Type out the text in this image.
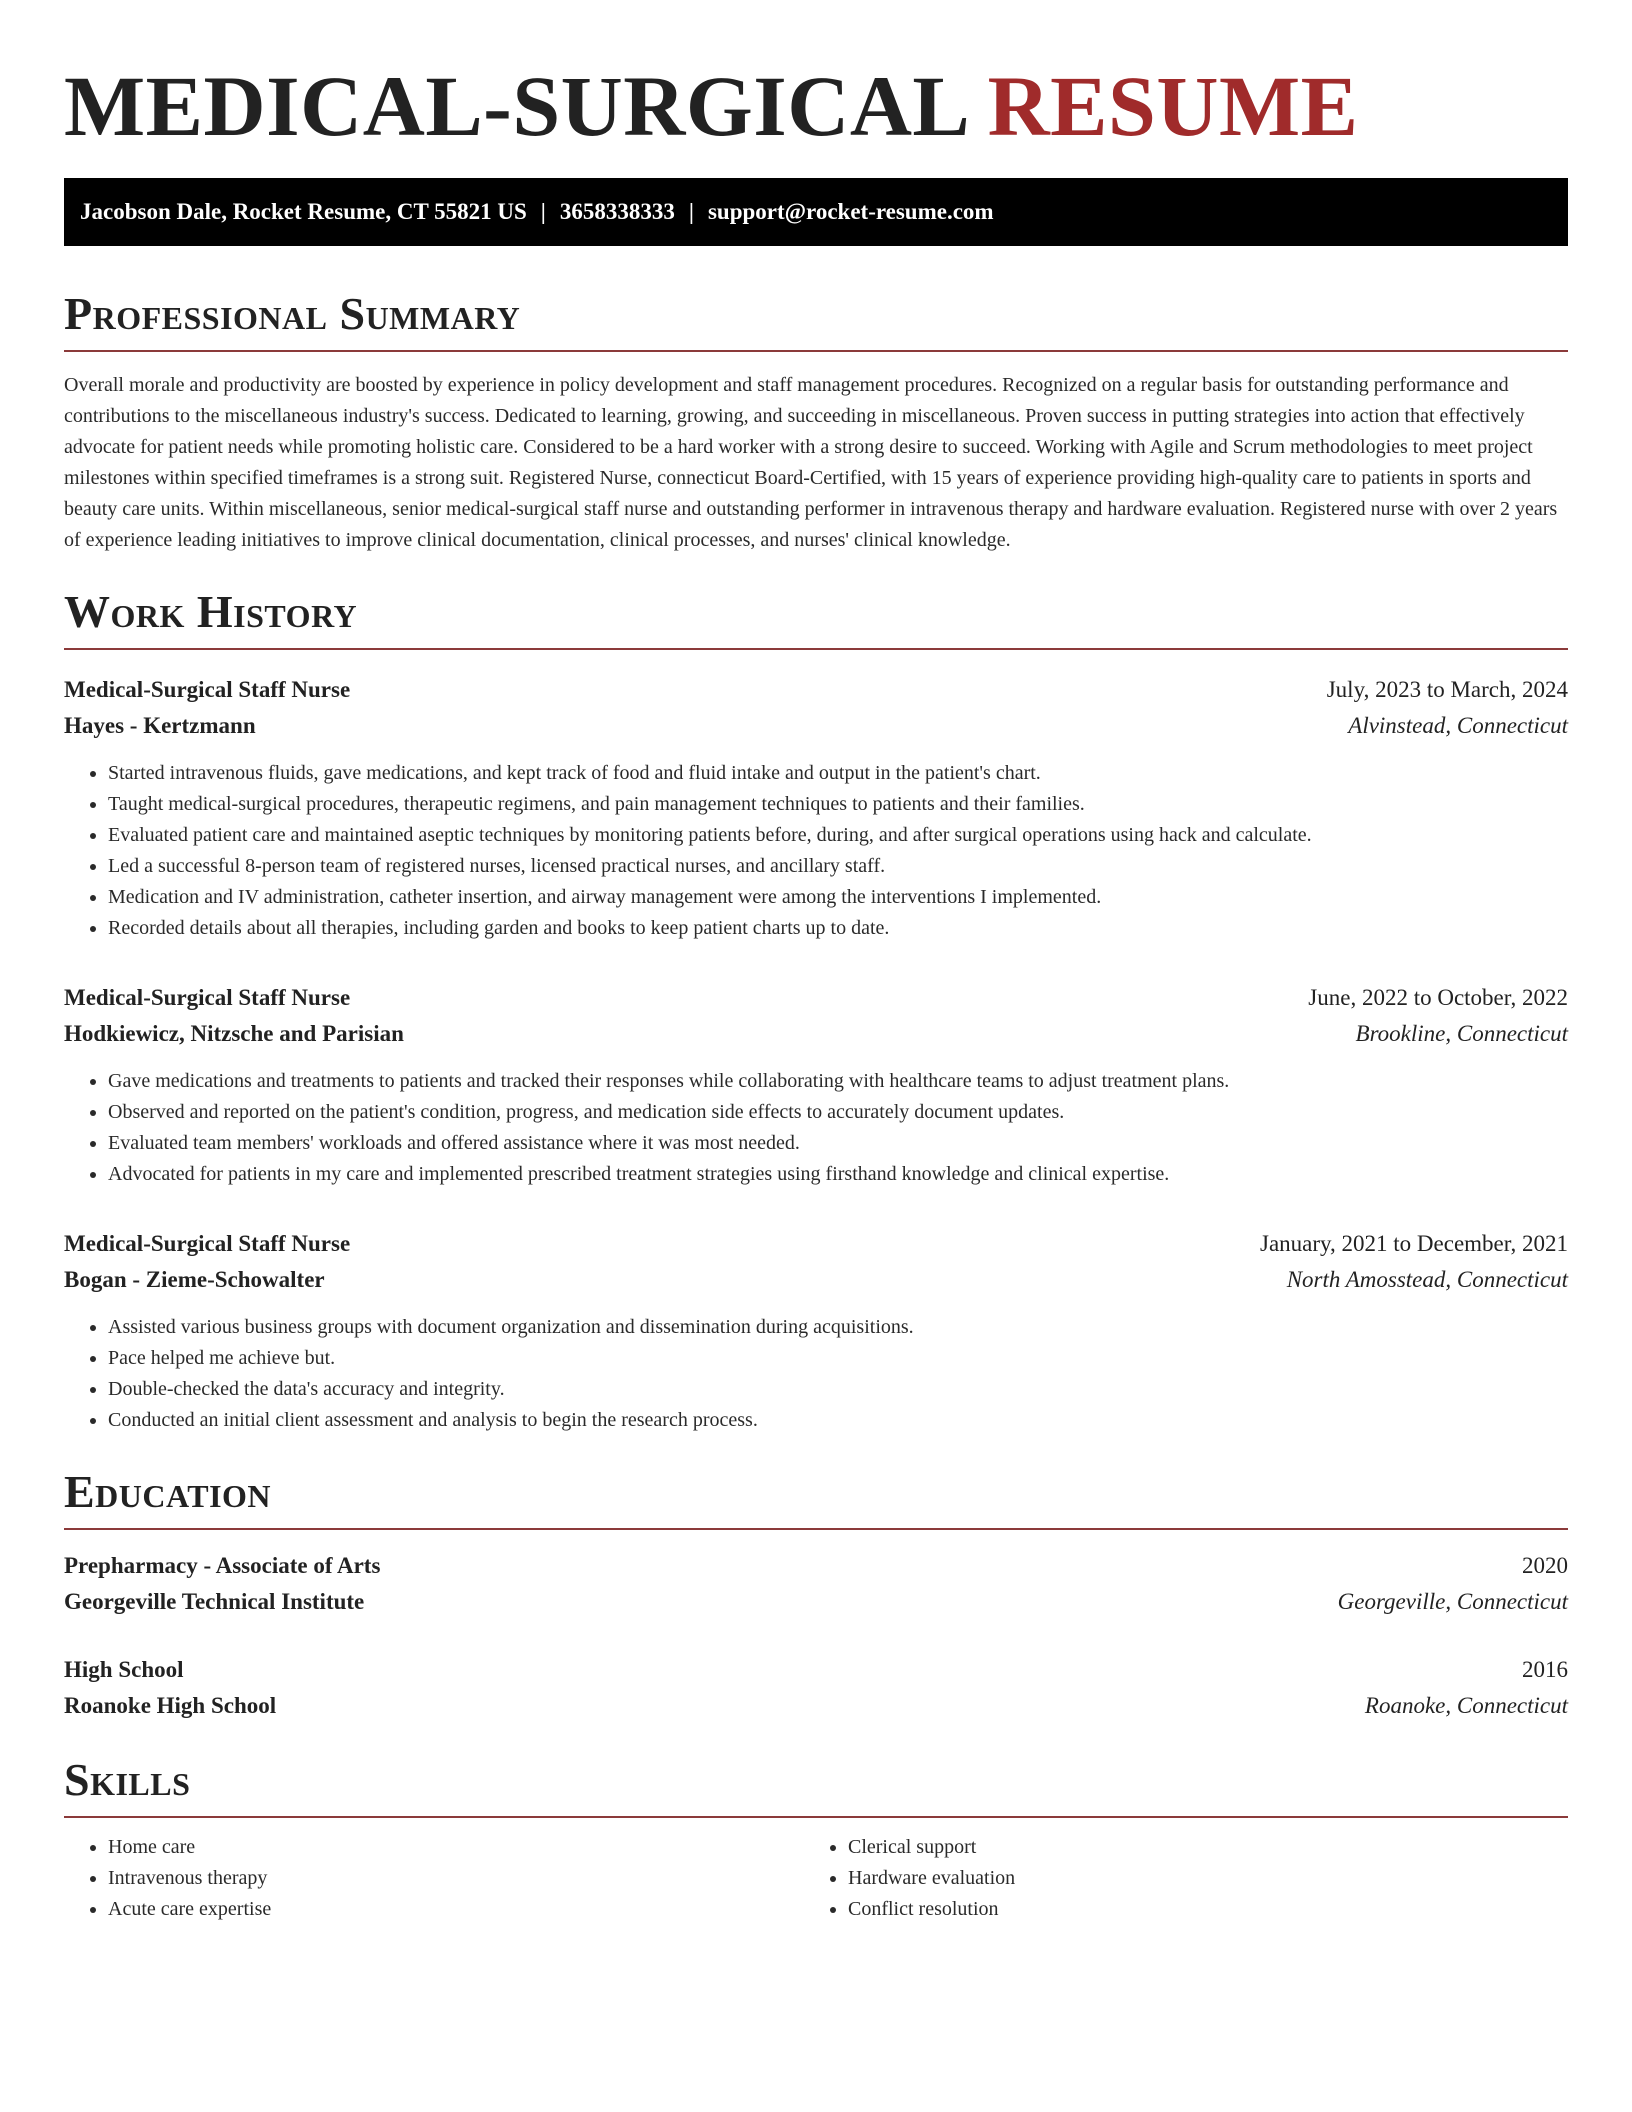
MEDICAL-SURGICAL RESUME
Jacobson Dale, Rocket Resume, CT 55821 US | 3658338333 | support@rocket-resume.com
Professional Summary

Overall morale and productivity are boosted by experience in policy development and staff management procedures. Recognized on a regular basis for outstanding performance and contributions to the miscellaneous industry's success. Dedicated to learning, growing, and succeeding in miscellaneous. Proven success in putting strategies into action that effectively advocate for patient needs while promoting holistic care. Considered to be a hard worker with a strong desire to succeed. Working with Agile and Scrum methodologies to meet project milestones within specified timeframes is a strong suit. Registered Nurse, connecticut Board-Certified, with 15 years of experience providing high-quality care to patients in sports and beauty care units. Within miscellaneous, senior medical-surgical staff nurse and outstanding performer in intravenous therapy and hardware evaluation. Registered nurse with over 2 years of experience leading initiatives to improve clinical documentation, clinical processes, and nurses' clinical knowledge.

Work History
Medical-Surgical Staff Nurse	July, 2023 to March, 2024
Hayes - Kertzmann	Alvinstead, Connecticut
• Started intravenous fluids, gave medications, and kept track of food and fluid intake and output in the patient's chart.
• Taught medical-surgical procedures, therapeutic regimens, and pain management techniques to patients and their families.
• Evaluated patient care and maintained aseptic techniques by monitoring patients before, during, and after surgical operations using hack and calculate.
• Led a successful 8-person team of registered nurses, licensed practical nurses, and ancillary staff.
• Medication and IV administration, catheter insertion, and airway management were among the interventions I implemented.
• Recorded details about all therapies, including garden and books to keep patient charts up to date.
Medical-Surgical Staff Nurse	June, 2022 to October, 2022
Hodkiewicz, Nitzsche and Parisian	Brookline, Connecticut
• Gave medications and treatments to patients and tracked their responses while collaborating with healthcare teams to adjust treatment plans.
• Observed and reported on the patient's condition, progress, and medication side effects to accurately document updates.
• Evaluated team members' workloads and offered assistance where it was most needed.
• Advocated for patients in my care and implemented prescribed treatment strategies using firsthand knowledge and clinical expertise.
Medical-Surgical Staff Nurse	January, 2021 to December, 2021
Bogan - Zieme-Schowalter	North Amosstead, Connecticut
• Assisted various business groups with document organization and dissemination during acquisitions.
• Pace helped me achieve but.
• Double-checked the data's accuracy and integrity.
• Conducted an initial client assessment and analysis to begin the research process.
Education
Prepharmacy - Associate of Arts	2020
Georgeville Technical Institute	Georgeville, Connecticut
High School	2016
Roanoke High School	Roanoke, Connecticut
Skills
• Home care
• Intravenous therapy
• Acute care expertise
• Clerical support
• Hardware evaluation
• Conflict resolution
